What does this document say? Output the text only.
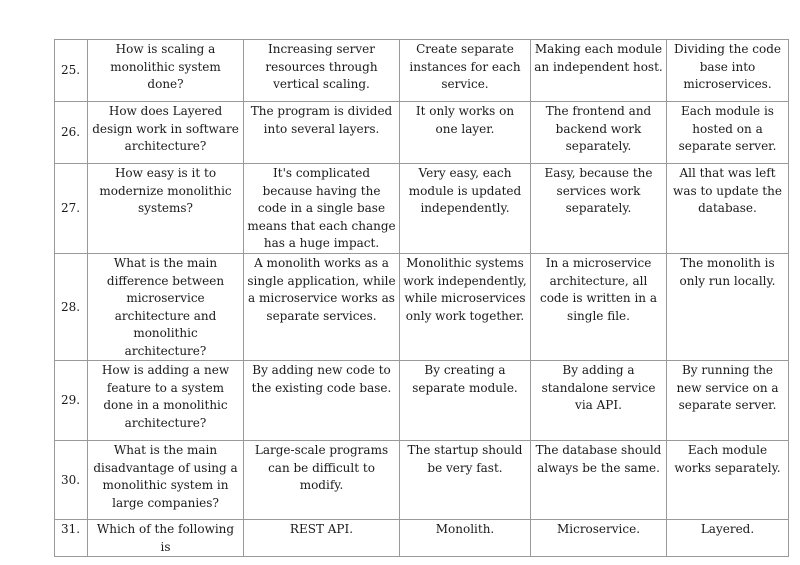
25.	How is scaling a monolithic system done?	Increasing server resources through vertical scaling.	Create separate instances for each service.	Making each module an independent host.	Dividing the code base into microservices.
26.	How does Layered design work in software architecture?	The program is divided into several layers.	It only works on one layer.	The frontend and backend work separately.	Each module is hosted on a separate server.
27.	How easy is it to modernize monolithic systems?	It's complicated because having the code in a single base means that each change has a huge impact.	Very easy, each module is updated independently.	Easy, because the services work separately.	All that was left was to update the database.
28.	What is the main difference between microservice architecture and monolithic architecture?	A monolith works as a single application, while a microservice works as separate services.	Monolithic systems work independently, while microservices only work together.	In a microservice architecture, all code is written in a single file.	The monolith is only run locally.
29.	How is adding a new feature to a system done in a monolithic architecture?	By adding new code to the existing code base.	By creating a separate module.	By adding a standalone service via API.	By running the new service on a separate server.
30.	What is the main disadvantage of using a monolithic system in large companies?	Large-scale programs can be difficult to modify.	The startup should be very fast.	The database should always be the same.	Each module works separately.
31.	Which of the following is	REST API.	Monolith.	Microservice.	Layered.
